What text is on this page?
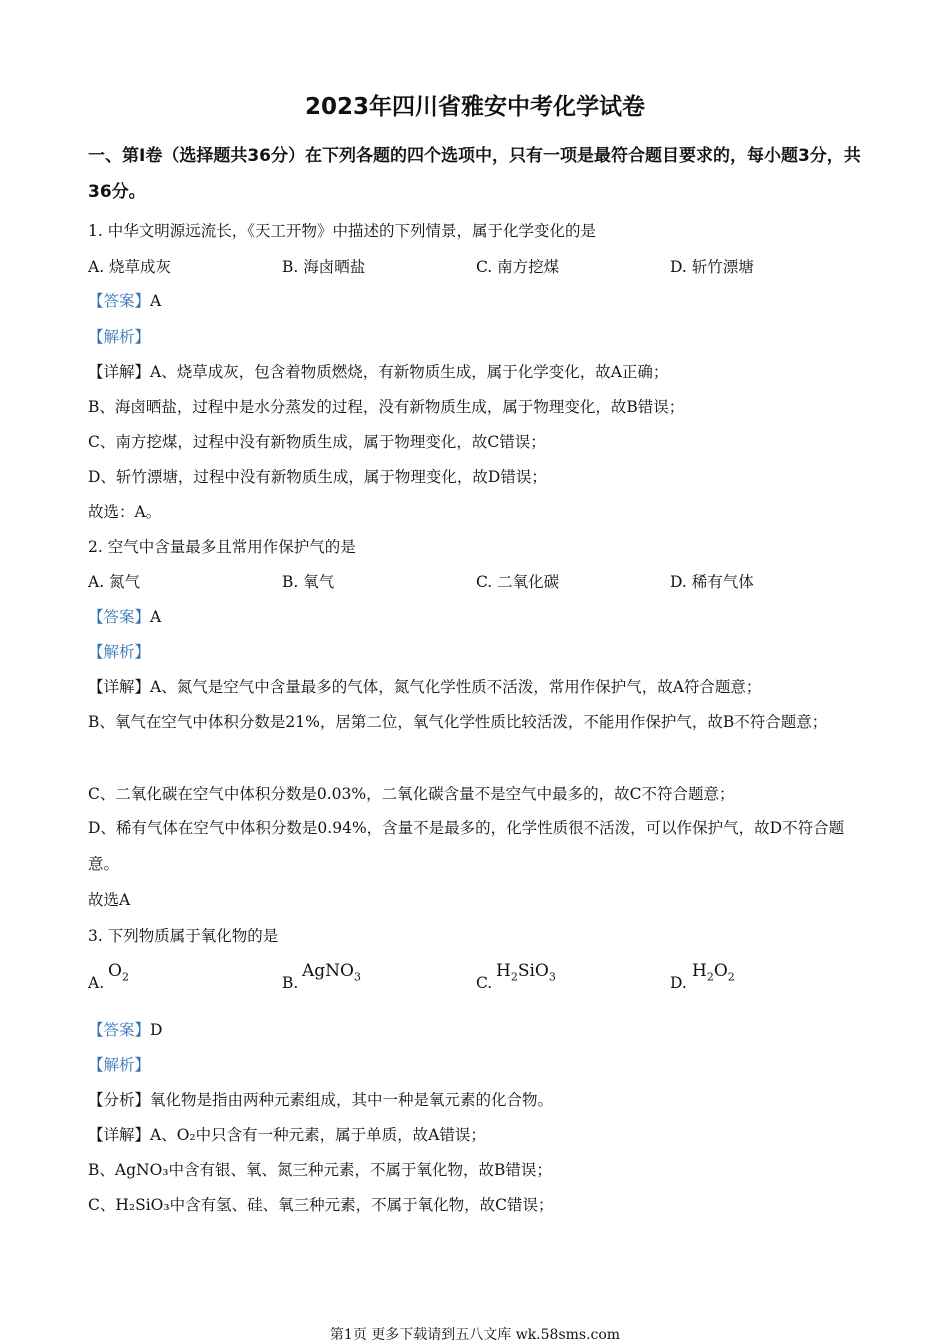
2023年四川省雅安中考化学试卷
一、第Ⅰ卷（选择题共36分）在下列各题的四个选项中，只有一项是最符合题目要求的，每小题3分，共36分。
1. 中华文明源远流长，《天工开物》中描述的下列情景，属于化学变化的是
A. 烧草成灰	B. 海卤晒盐	C. 南方挖煤	D. 斩竹漂塘
【答案】A
【解析】
【详解】A、烧草成灰，包含着物质燃烧，有新物质生成，属于化学变化，故A正确；
B、海卤晒盐，过程中是水分蒸发的过程，没有新物质生成，属于物理变化，故B错误；
C、南方挖煤，过程中没有新物质生成，属于物理变化，故C错误；
D、斩竹漂塘，过程中没有新物质生成，属于物理变化，故D错误；
故选：A。
2. 空气中含量最多且常用作保护气的是
A. 氮气	B. 氧气	C. 二氧化碳	D. 稀有气体
【答案】A
【解析】
【详解】A、氮气是空气中含量最多的气体，氮气化学性质不活泼，常用作保护气，故A符合题意；
B、氧气在空气中体积分数是21%，居第二位，氧气化学性质比较活泼，不能用作保护气，故B不符合题意；
C、二氧化碳在空气中体积分数是0.03%，二氧化碳含量不是空气中最多的，故C不符合题意；
D、稀有气体在空气中体积分数是0.94%，含量不是最多的，化学性质很不活泼，可以作保护气，故D不符合题意。
故选A
3. 下列物质属于氧化物的是
A.
$O_2$	B.
AgNO$_3$	C.
$H_2SiO_3$	D.
$H_2O_2$
【答案】D
【解析】
【分析】氧化物是指由两种元素组成，其中一种是氧元素的化合物。
【详解】A、O₂中只含有一种元素，属于单质，故A错误；
B、AgNO₃中含有银、氧、氮三种元素，不属于氧化物，故B错误；
C、H₂SiO₃中含有氢、硅、氧三种元素，不属于氧化物，故C错误；
第1页 更多下载请到五八文库 wk.58sms.com
